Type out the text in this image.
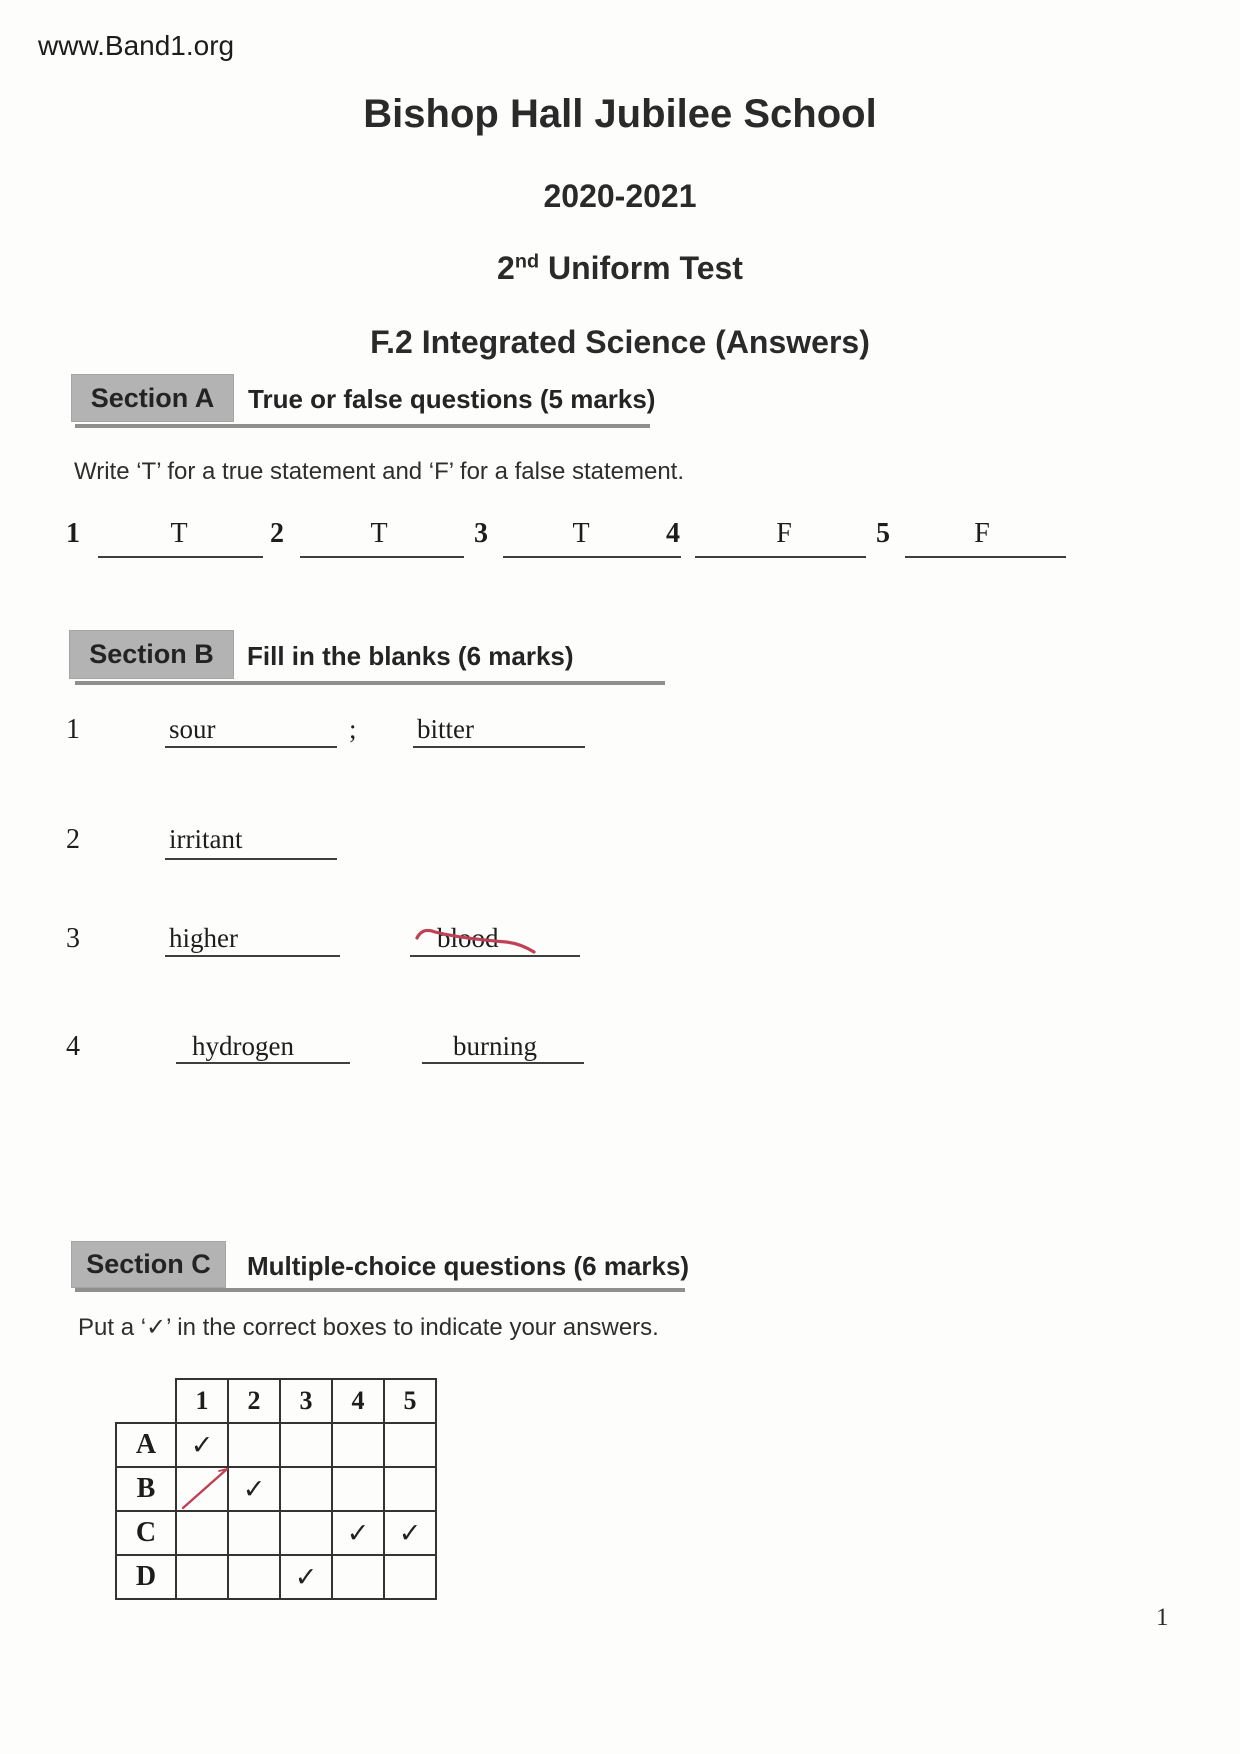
www.Band1.org
Bishop Hall Jubilee School
2020-2021
2nd Uniform Test
F.2 Integrated Science (Answers)
Section A	True or false questions (5 marks)
Write ‘T’ for a true statement and ‘F’ for a false statement.
1	T	2	T	3	T	4	F	5	F
Section B	Fill in the blanks (6 marks)
1	sour	; bitter
2	irritant
3	higher	blood
4	hydrogen	burning
Section C	Multiple-choice questions (6 marks)
Put a ‘✓’ in the correct boxes to indicate your answers.
	1	2	3	4	5
A	✓				
B		✓			
C				✓	✓
D			✓		
1
